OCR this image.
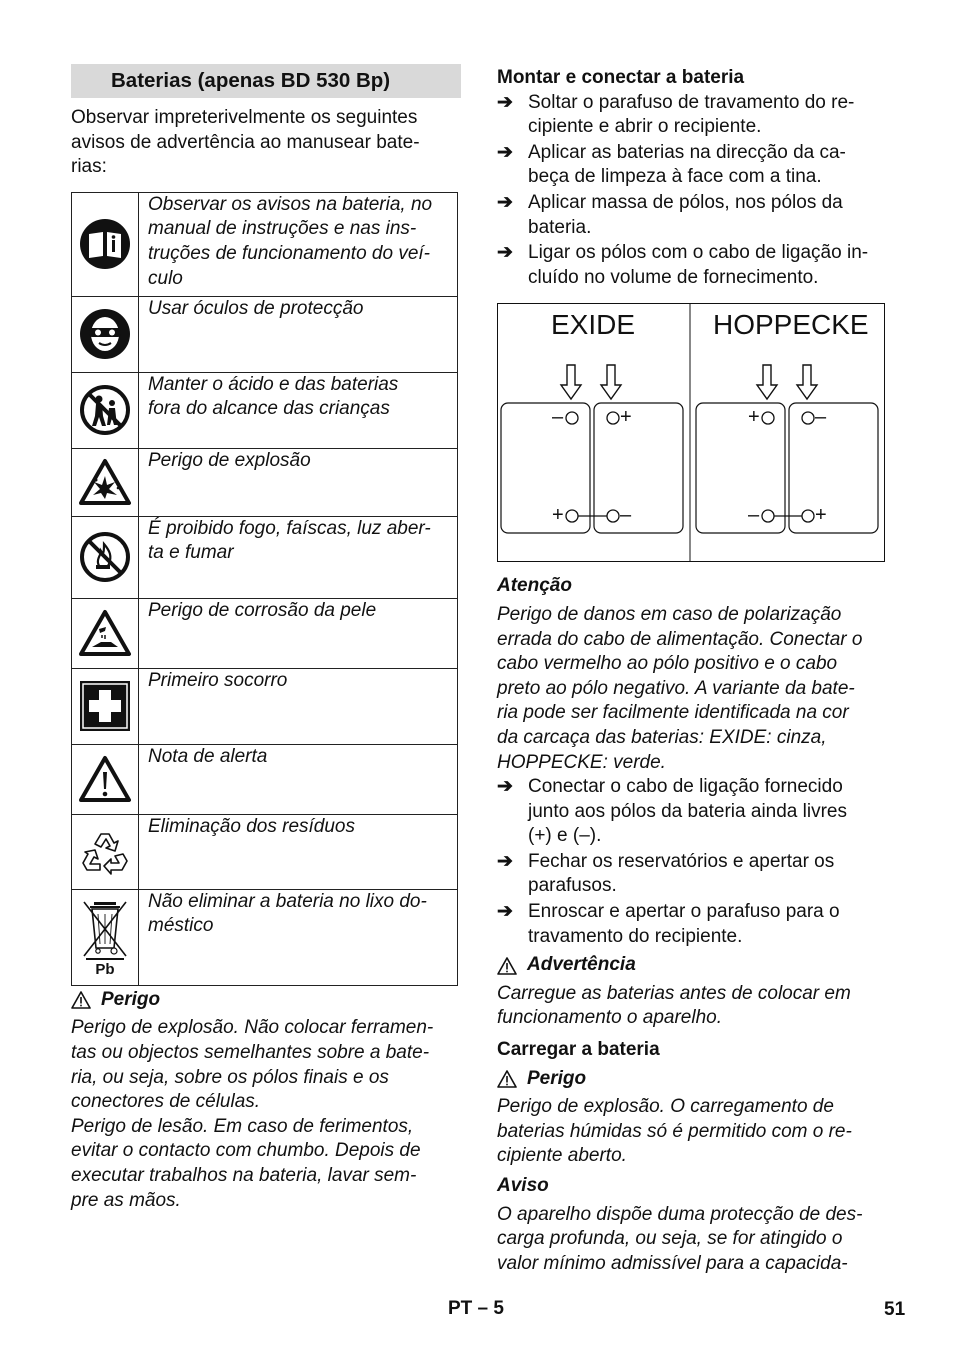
Baterias (apenas BD 530 Bp)
Observar impreterivelmente os seguintes
avisos de advertência ao manusear bate-
rias:

Observar os avisos na bateria, no
manual de instruções e nas ins-
truções de funcionamento do veí-
culo

Usar óculos de protecção

Manter o ácido e das baterias
fora do alcance das crianças

Perigo de explosão

É proibido fogo, faíscas, luz aber-
ta e fumar

Perigo de corrosão da pele

Primeiro socorro

Nota de alerta

Eliminação dos resíduos

Pb	Não eliminar a bateria no lixo do-
méstico
Perigo
Perigo de explosão. Não colocar ferramen-
tas ou objectos semelhantes sobre a bate-
ria, ou seja, sobre os pólos finais e os
conectores de células.
Perigo de lesão. Em caso de ferimentos,
evitar o contacto com chumbo. Depois de
executar trabalhos na bateria, lavar sem-
pre as mãos.
Montar e conectar a bateria
➔ Soltar o parafuso de travamento do re-
cipiente e abrir o recipiente.
➔ Aplicar as baterias na direcção da ca-
beça de limpeza à face com a tina.
➔ Aplicar massa de pólos, nos pólos da
bateria.
➔ Ligar os pólos com o cabo de ligação in-
cluído no volume de fornecimento.
EXIDE	HOPPECKE
–	+
+	–
+	–
–	+
Atenção
Perigo de danos em caso de polarização
errada do cabo de alimentação. Conectar o
cabo vermelho ao pólo positivo e o cabo
preto ao pólo negativo. A variante da bate-
ria pode ser facilmente identificada na cor
da carcaça das baterias: EXIDE: cinza,
HOPPECKE: verde.
➔ Conectar o cabo de ligação fornecido
junto aos pólos da bateria ainda livres
(+) e (–).
➔ Fechar os reservatórios e apertar os
parafusos.
➔ Enroscar e apertar o parafuso para o
travamento do recipiente.
Advertência
Carregue as baterias antes de colocar em
funcionamento o aparelho.
Carregar a bateria
Perigo
Perigo de explosão. O carregamento de
baterias húmidas só é permitido com o re-
cipiente aberto.
Aviso
O aparelho dispõe duma protecção de des-
carga profunda, ou seja, se for atingido o
valor mínimo admissível para a capacida-
PT – 5	51
